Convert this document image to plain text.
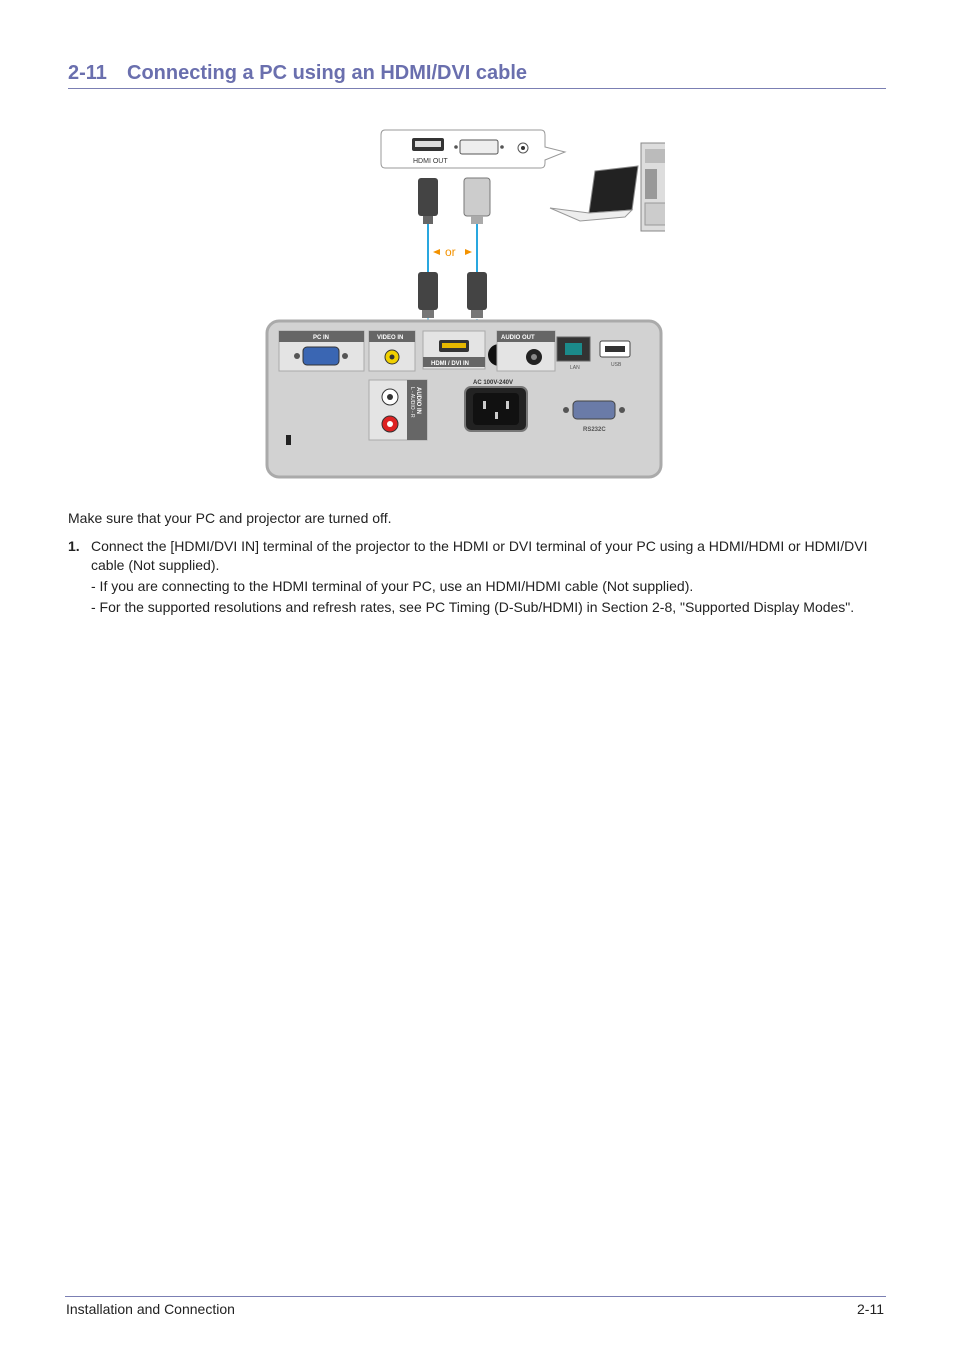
2-11 Connecting a PC using an HDMI/DVI cable
HDMI OUT
or
PC IN	VIDEO IN
HDMI / DVI IN
AUDIO OUT
LAN	USB
AUDIO IN
L - AUDIO - R
AC 100V-240V
RS232C
Make sure that your PC and projector are turned off.
1. Connect the [HDMI/DVI IN] terminal of the projector to the HDMI or DVI terminal of your PC using a HDMI/HDMI or HDMI/DVI cable (Not supplied).
- If you are connecting to the HDMI terminal of your PC, use an HDMI/HDMI cable (Not supplied).
- For the supported resolutions and refresh rates, see PC Timing (D-Sub/HDMI) in Section 2-8, "Supported Display Modes".
Installation and Connection	2-11
